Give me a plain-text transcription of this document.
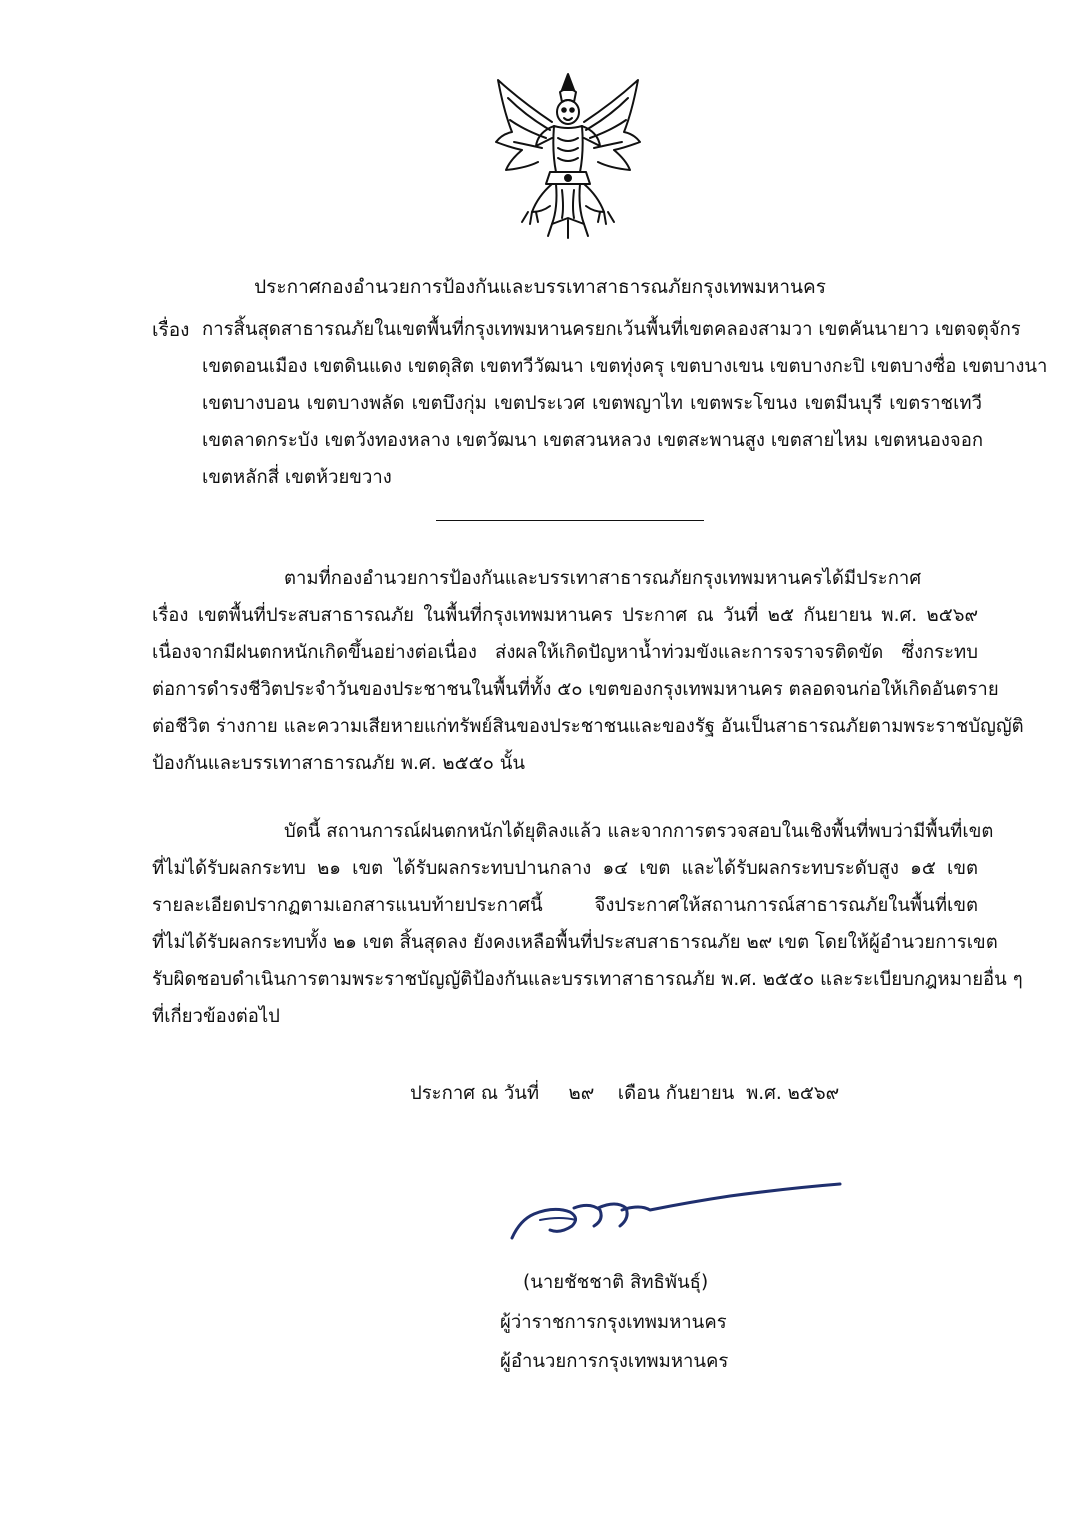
ประกาศกองอำนวยการป้องกันและบรรเทาสาธารณภัยกรุงเทพมหานคร
เรื่อง การสิ้นสุดสาธารณภัยในเขตพื้นที่กรุงเทพมหานครยกเว้นพื้นที่เขตคลองสามวา เขตคันนายาว เขตจตุจักร
เขตดอนเมือง เขตดินแดง เขตดุสิต เขตทวีวัฒนา เขตทุ่งครุ เขตบางเขน เขตบางกะปิ เขตบางซื่อ เขตบางนา
เขตบางบอน เขตบางพลัด เขตบึงกุ่ม เขตประเวศ เขตพญาไท เขตพระโขนง เขตมีนบุรี เขตราชเทวี
เขตลาดกระบัง เขตวังทองหลาง เขตวัฒนา เขตสวนหลวง เขตสะพานสูง เขตสายไหม เขตหนองจอก
เขตหลักสี่ เขตห้วยขวาง
ตามที่กองอำนวยการป้องกันและบรรเทาสาธารณภัยกรุงเทพมหานครได้มีประกาศ
เรื่อง เขตพื้นที่ประสบสาธารณภัย ในพื้นที่กรุงเทพมหานคร ประกาศ ณ วันที่ ๒๕ กันยายน พ.ศ. ๒๕๖๙
เนื่องจากมีฝนตกหนักเกิดขึ้นอย่างต่อเนื่อง ส่งผลให้เกิดปัญหาน้ำท่วมขังและการจราจรติดขัด ซึ่งกระทบ
ต่อการดำรงชีวิตประจำวันของประชาชนในพื้นที่ทั้ง ๕๐ เขตของกรุงเทพมหานคร ตลอดจนก่อให้เกิดอันตราย
ต่อชีวิต ร่างกาย และความเสียหายแก่ทรัพย์สินของประชาชนและของรัฐ อันเป็นสาธารณภัยตามพระราชบัญญัติ
ป้องกันและบรรเทาสาธารณภัย พ.ศ. ๒๕๕๐ นั้น
บัดนี้ สถานการณ์ฝนตกหนักได้ยุติลงแล้ว และจากการตรวจสอบในเชิงพื้นที่พบว่ามีพื้นที่เขต
ที่ไม่ได้รับผลกระทบ ๒๑ เขต ได้รับผลกระทบปานกลาง ๑๔ เขต และได้รับผลกระทบระดับสูง ๑๕ เขต
รายละเอียดปรากฏตามเอกสารแนบท้ายประกาศนี้ จึงประกาศให้สถานการณ์สาธารณภัยในพื้นที่เขต
ที่ไม่ได้รับผลกระทบทั้ง ๒๑ เขต สิ้นสุดลง ยังคงเหลือพื้นที่ประสบสาธารณภัย ๒๙ เขต โดยให้ผู้อำนวยการเขต
รับผิดชอบดำเนินการตามพระราชบัญญัติป้องกันและบรรเทาสาธารณภัย พ.ศ. ๒๕๕๐ และระเบียบกฎหมายอื่น ๆ
ที่เกี่ยวข้องต่อไป
ประกาศ ณ วันที่     ๒๙    เดือน กันยายน  พ.ศ. ๒๕๖๙
(นายชัชชาติ สิทธิพันธุ์)
ผู้ว่าราชการกรุงเทพมหานคร
ผู้อำนวยการกรุงเทพมหานคร
